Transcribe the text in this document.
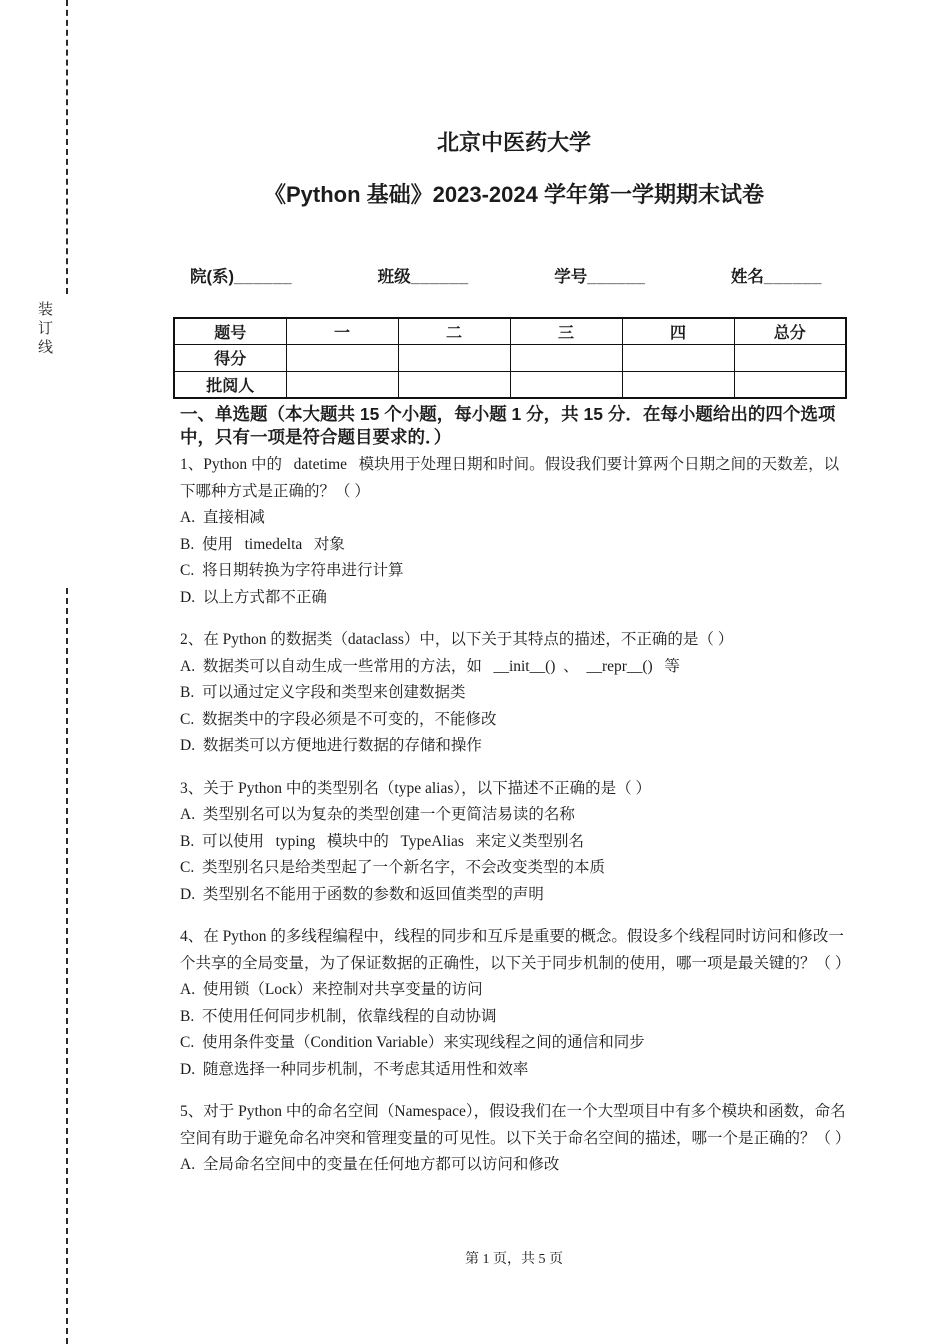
装订线
北京中医药大学
《Python 基础》2023-2024 学年第一学期期末试卷
院(系)______	班级______	学号______	姓名______
题号	一	二	三	四	总分
得分					
批阅人					
一、单选题（本大题共 15 个小题，每小题 1 分，共 15 分．在每小题给出的四个选项中，只有一项是符合题目要求的．）
1、Python 中的   datetime   模块用于处理日期和时间。假设我们要计算两个日期之间的天数差，以下哪种方式是正确的？（ ）
A.  直接相减
B.  使用   timedelta   对象
C.  将日期转换为字符串进行计算
D.  以上方式都不正确
2、在 Python 的数据类（dataclass）中，以下关于其特点的描述，不正确的是（ ）
A.  数据类可以自动生成一些常用的方法，如   __init__()  、  __repr__()   等
B.  可以通过定义字段和类型来创建数据类
C.  数据类中的字段必须是不可变的，不能修改
D.  数据类可以方便地进行数据的存储和操作
3、关于 Python 中的类型别名（type alias），以下描述不正确的是（ ）
A.  类型别名可以为复杂的类型创建一个更简洁易读的名称
B.  可以使用   typing   模块中的   TypeAlias   来定义类型别名
C.  类型别名只是给类型起了一个新名字，不会改变类型的本质
D.  类型别名不能用于函数的参数和返回值类型的声明
4、在 Python 的多线程编程中，线程的同步和互斥是重要的概念。假设多个线程同时访问和修改一个共享的全局变量，为了保证数据的正确性，以下关于同步机制的使用，哪一项是最关键的？（ ）
A.  使用锁（Lock）来控制对共享变量的访问
B.  不使用任何同步机制，依靠线程的自动协调
C.  使用条件变量（Condition Variable）来实现线程之间的通信和同步
D.  随意选择一种同步机制，不考虑其适用性和效率
5、对于 Python 中的命名空间（Namespace），假设我们在一个大型项目中有多个模块和函数，命名空间有助于避免命名冲突和管理变量的可见性。以下关于命名空间的描述，哪一个是正确的？（ ）
A.  全局命名空间中的变量在任何地方都可以访问和修改
第 1 页，共 5 页
